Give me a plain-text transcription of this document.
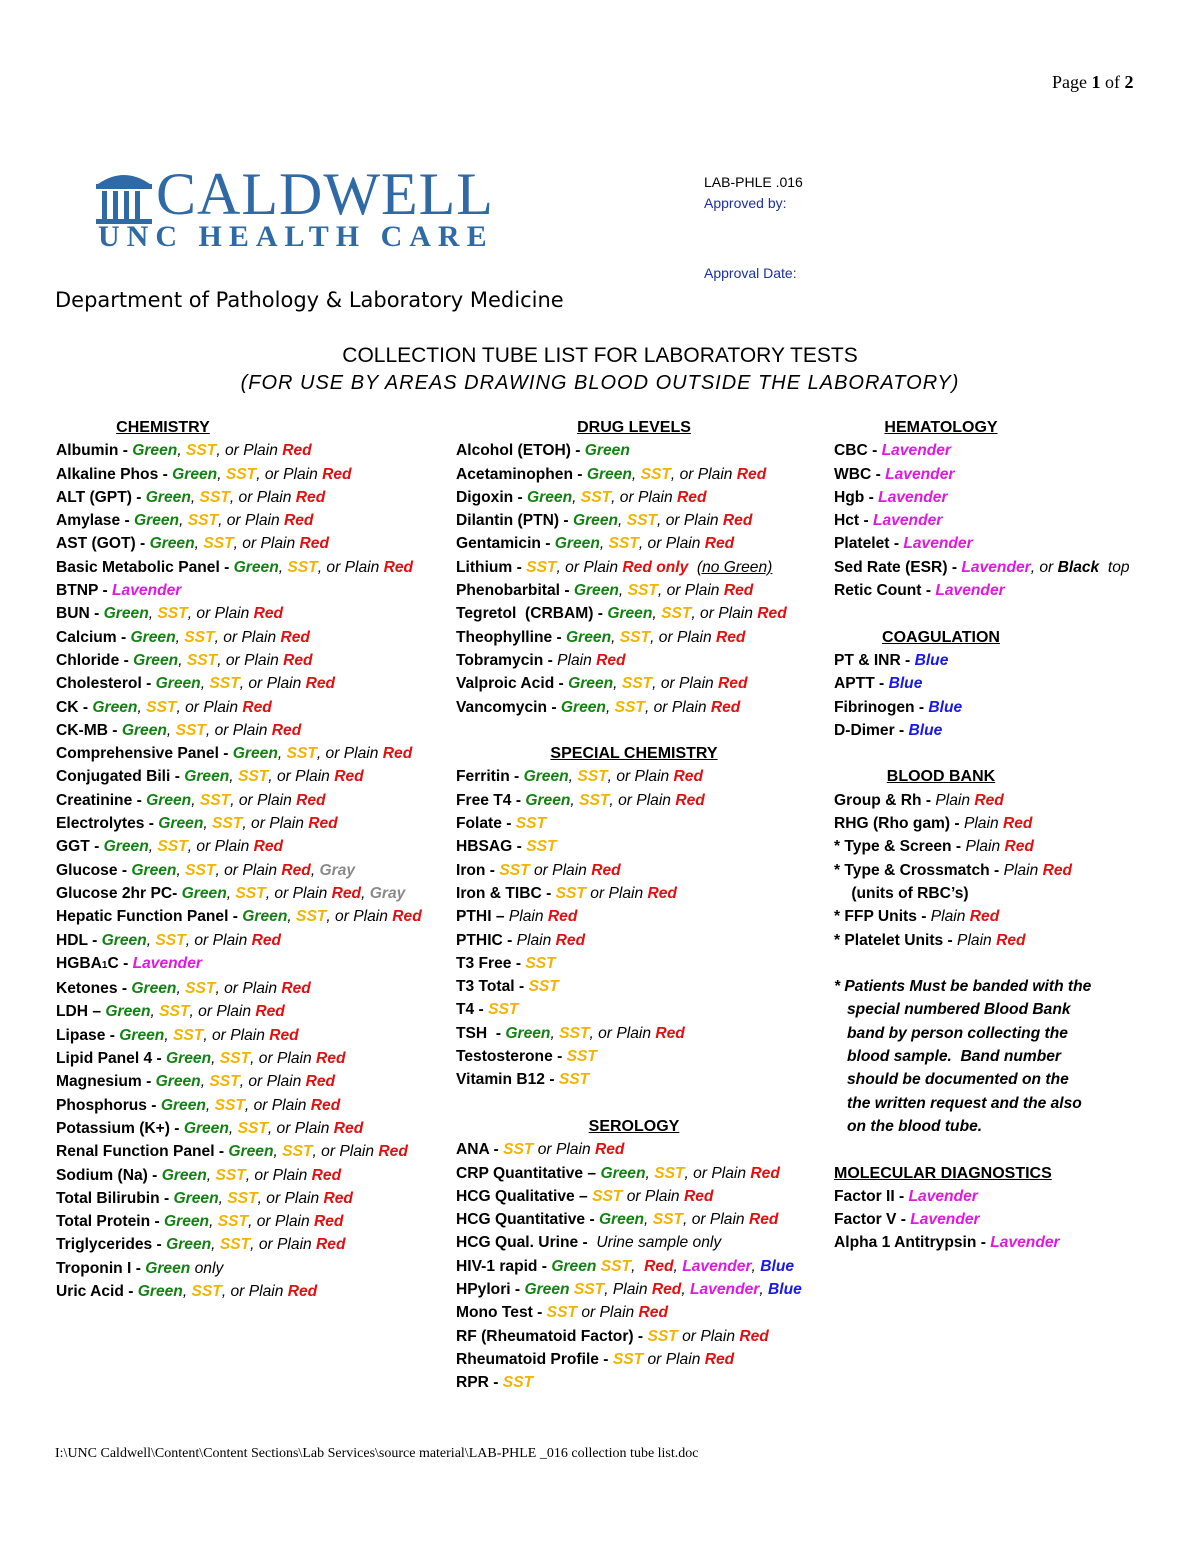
Page 1 of 2
CALDWELL
UNC HEALTH CARE
Department of Pathology & Laboratory Medicine
LAB-PHLE .016
Approved by:
Approval Date:
COLLECTION TUBE LIST FOR LABORATORY TESTS
(FOR USE BY AREAS DRAWING BLOOD OUTSIDE THE LABORATORY)
CHEMISTRY
Albumin - Green, SST, or Plain Red
Alkaline Phos - Green, SST, or Plain Red
ALT (GPT) - Green, SST, or Plain Red
Amylase - Green, SST, or Plain Red
AST (GOT) - Green, SST, or Plain Red
Basic Metabolic Panel - Green, SST, or Plain Red
BTNP - Lavender
BUN - Green, SST, or Plain Red
Calcium - Green, SST, or Plain Red
Chloride - Green, SST, or Plain Red
Cholesterol - Green, SST, or Plain Red
CK - Green, SST, or Plain Red
CK-MB - Green, SST, or Plain Red
Comprehensive Panel - Green, SST, or Plain Red
Conjugated Bili - Green, SST, or Plain Red
Creatinine - Green, SST, or Plain Red
Electrolytes - Green, SST, or Plain Red
GGT - Green, SST, or Plain Red
Glucose - Green, SST, or Plain Red, Gray
Glucose 2hr PC- Green, SST, or Plain Red, Gray
Hepatic Function Panel - Green, SST, or Plain Red
HDL - Green, SST, or Plain Red
HGBA1C - Lavender
Ketones - Green, SST, or Plain Red
LDH – Green, SST, or Plain Red
Lipase - Green, SST, or Plain Red
Lipid Panel 4 - Green, SST, or Plain Red
Magnesium - Green, SST, or Plain Red
Phosphorus - Green, SST, or Plain Red
Potassium (K+) - Green, SST, or Plain Red
Renal Function Panel - Green, SST, or Plain Red
Sodium (Na) - Green, SST, or Plain Red
Total Bilirubin - Green, SST, or Plain Red
Total Protein - Green, SST, or Plain Red
Triglycerides - Green, SST, or Plain Red
Troponin I - Green only
Uric Acid - Green, SST, or Plain Red
DRUG LEVELS
Alcohol (ETOH) - Green
Acetaminophen - Green, SST, or Plain Red
Digoxin - Green, SST, or Plain Red
Dilantin (PTN) - Green, SST, or Plain Red
Gentamicin - Green, SST, or Plain Red
Lithium - SST, or Plain Red only  (no Green)
Phenobarbital - Green, SST, or Plain Red
Tegretol  (CRBAM) - Green, SST, or Plain Red
Theophylline - Green, SST, or Plain Red
Tobramycin - Plain Red
Valproic Acid - Green, SST, or Plain Red
Vancomycin - Green, SST, or Plain Red
SPECIAL CHEMISTRY
Ferritin - Green, SST, or Plain Red
Free T4 - Green, SST, or Plain Red
Folate - SST
HBSAG - SST
Iron - SST or Plain Red
Iron & TIBC - SST or Plain Red
PTHI – Plain Red
PTHIC - Plain Red
T3 Free - SST
T3 Total - SST
T4 - SST
TSH  - Green, SST, or Plain Red
Testosterone - SST
Vitamin B12 - SST
SEROLOGY
ANA - SST or Plain Red
CRP Quantitative – Green, SST, or Plain Red
HCG Qualitative – SST or Plain Red
HCG Quantitative - Green, SST, or Plain Red
HCG Qual. Urine -  Urine sample only
HIV-1 rapid - Green SST,  Red, Lavender, Blue
HPylori - Green SST, Plain Red, Lavender, Blue
Mono Test - SST or Plain Red
RF (Rheumatoid Factor) - SST or Plain Red
Rheumatoid Profile - SST or Plain Red
RPR - SST
HEMATOLOGY
CBC - Lavender
WBC - Lavender
Hgb - Lavender
Hct - Lavender
Platelet - Lavender
Sed Rate (ESR) - Lavender, or Black  top
Retic Count - Lavender
COAGULATION
PT & INR - Blue
APTT - Blue
Fibrinogen - Blue
D-Dimer - Blue
BLOOD BANK
Group & Rh - Plain Red
RHG (Rho gam) - Plain Red
* Type & Screen - Plain Red
* Type & Crossmatch - Plain Red
(units of RBC’s)
* FFP Units - Plain Red
* Platelet Units - Plain Red
* Patients Must be banded with the
special numbered Blood Bank
band by person collecting the
blood sample.  Band number
should be documented on the
the written request and the also
on the blood tube.
MOLECULAR DIAGNOSTICS
Factor II - Lavender
Factor V - Lavender
Alpha 1 Antitrypsin - Lavender
I:\UNC Caldwell\Content\Content Sections\Lab Services\source material\LAB-PHLE _016 collection tube list.doc
